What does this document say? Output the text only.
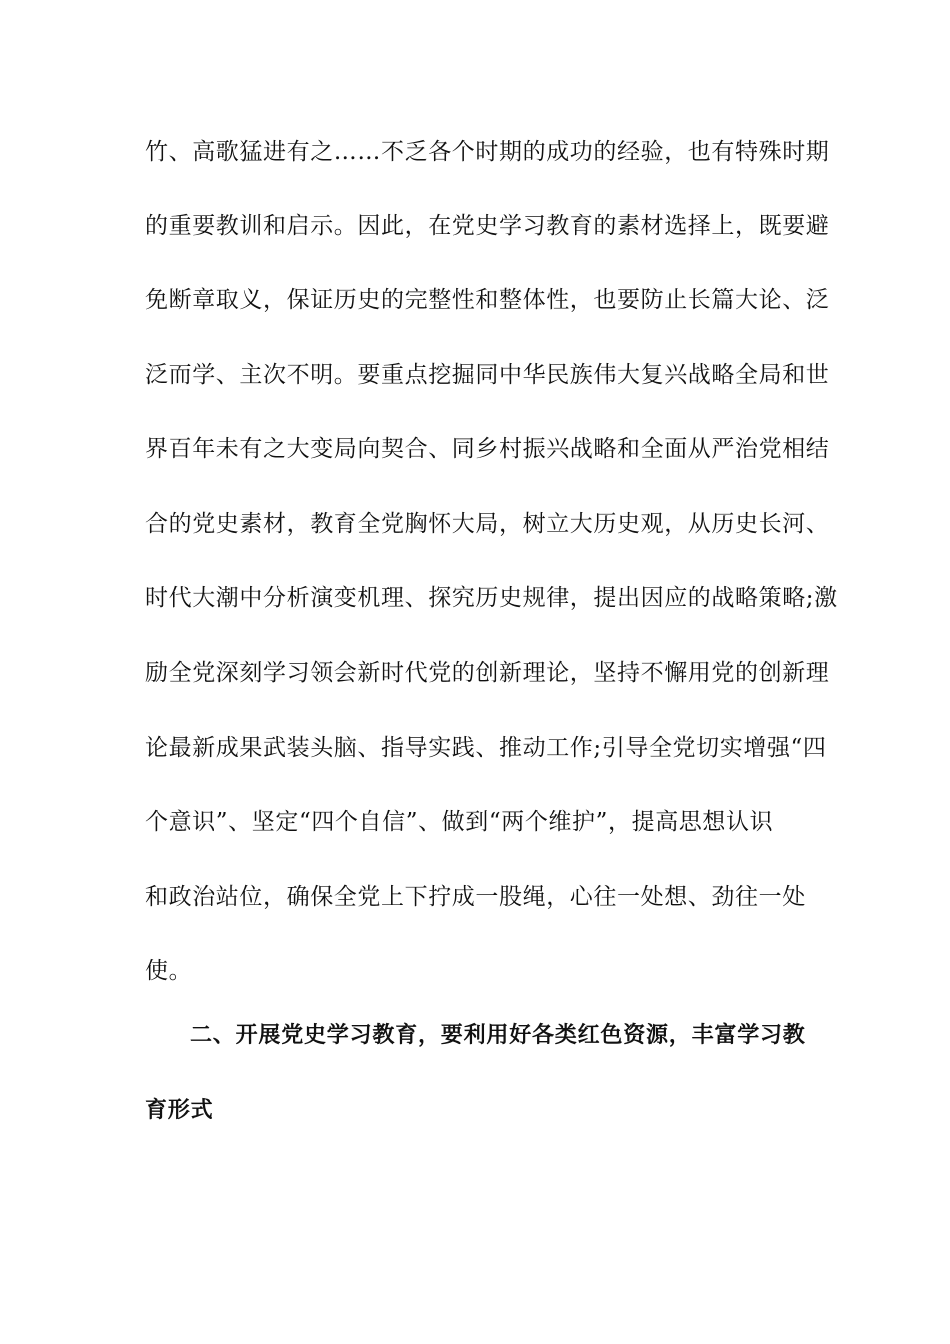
竹、高歌猛进有之……不乏各个时期的成功的经验，也有特殊时期
的重要教训和启示。因此，在党史学习教育的素材选择上，既要避
免断章取义，保证历史的完整性和整体性，也要防止长篇大论、泛
泛而学、主次不明。要重点挖掘同中华民族伟大复兴战略全局和世
界百年未有之大变局向契合、同乡村振兴战略和全面从严治党相结
合的党史素材，教育全党胸怀大局，树立大历史观，从历史长河、
时代大潮中分析演变机理、探究历史规律，提出因应的战略策略;激
励全党深刻学习领会新时代党的创新理论，坚持不懈用党的创新理
论最新成果武装头脑、指导实践、推动工作;引导全党切实增强“四
个意识”、坚定“四个自信”、做到“两个维护”，提高思想认识
和政治站位，确保全党上下拧成一股绳，心往一处想、劲往一处
使。
二、开展党史学习教育，要利用好各类红色资源，丰富学习教
育形式
